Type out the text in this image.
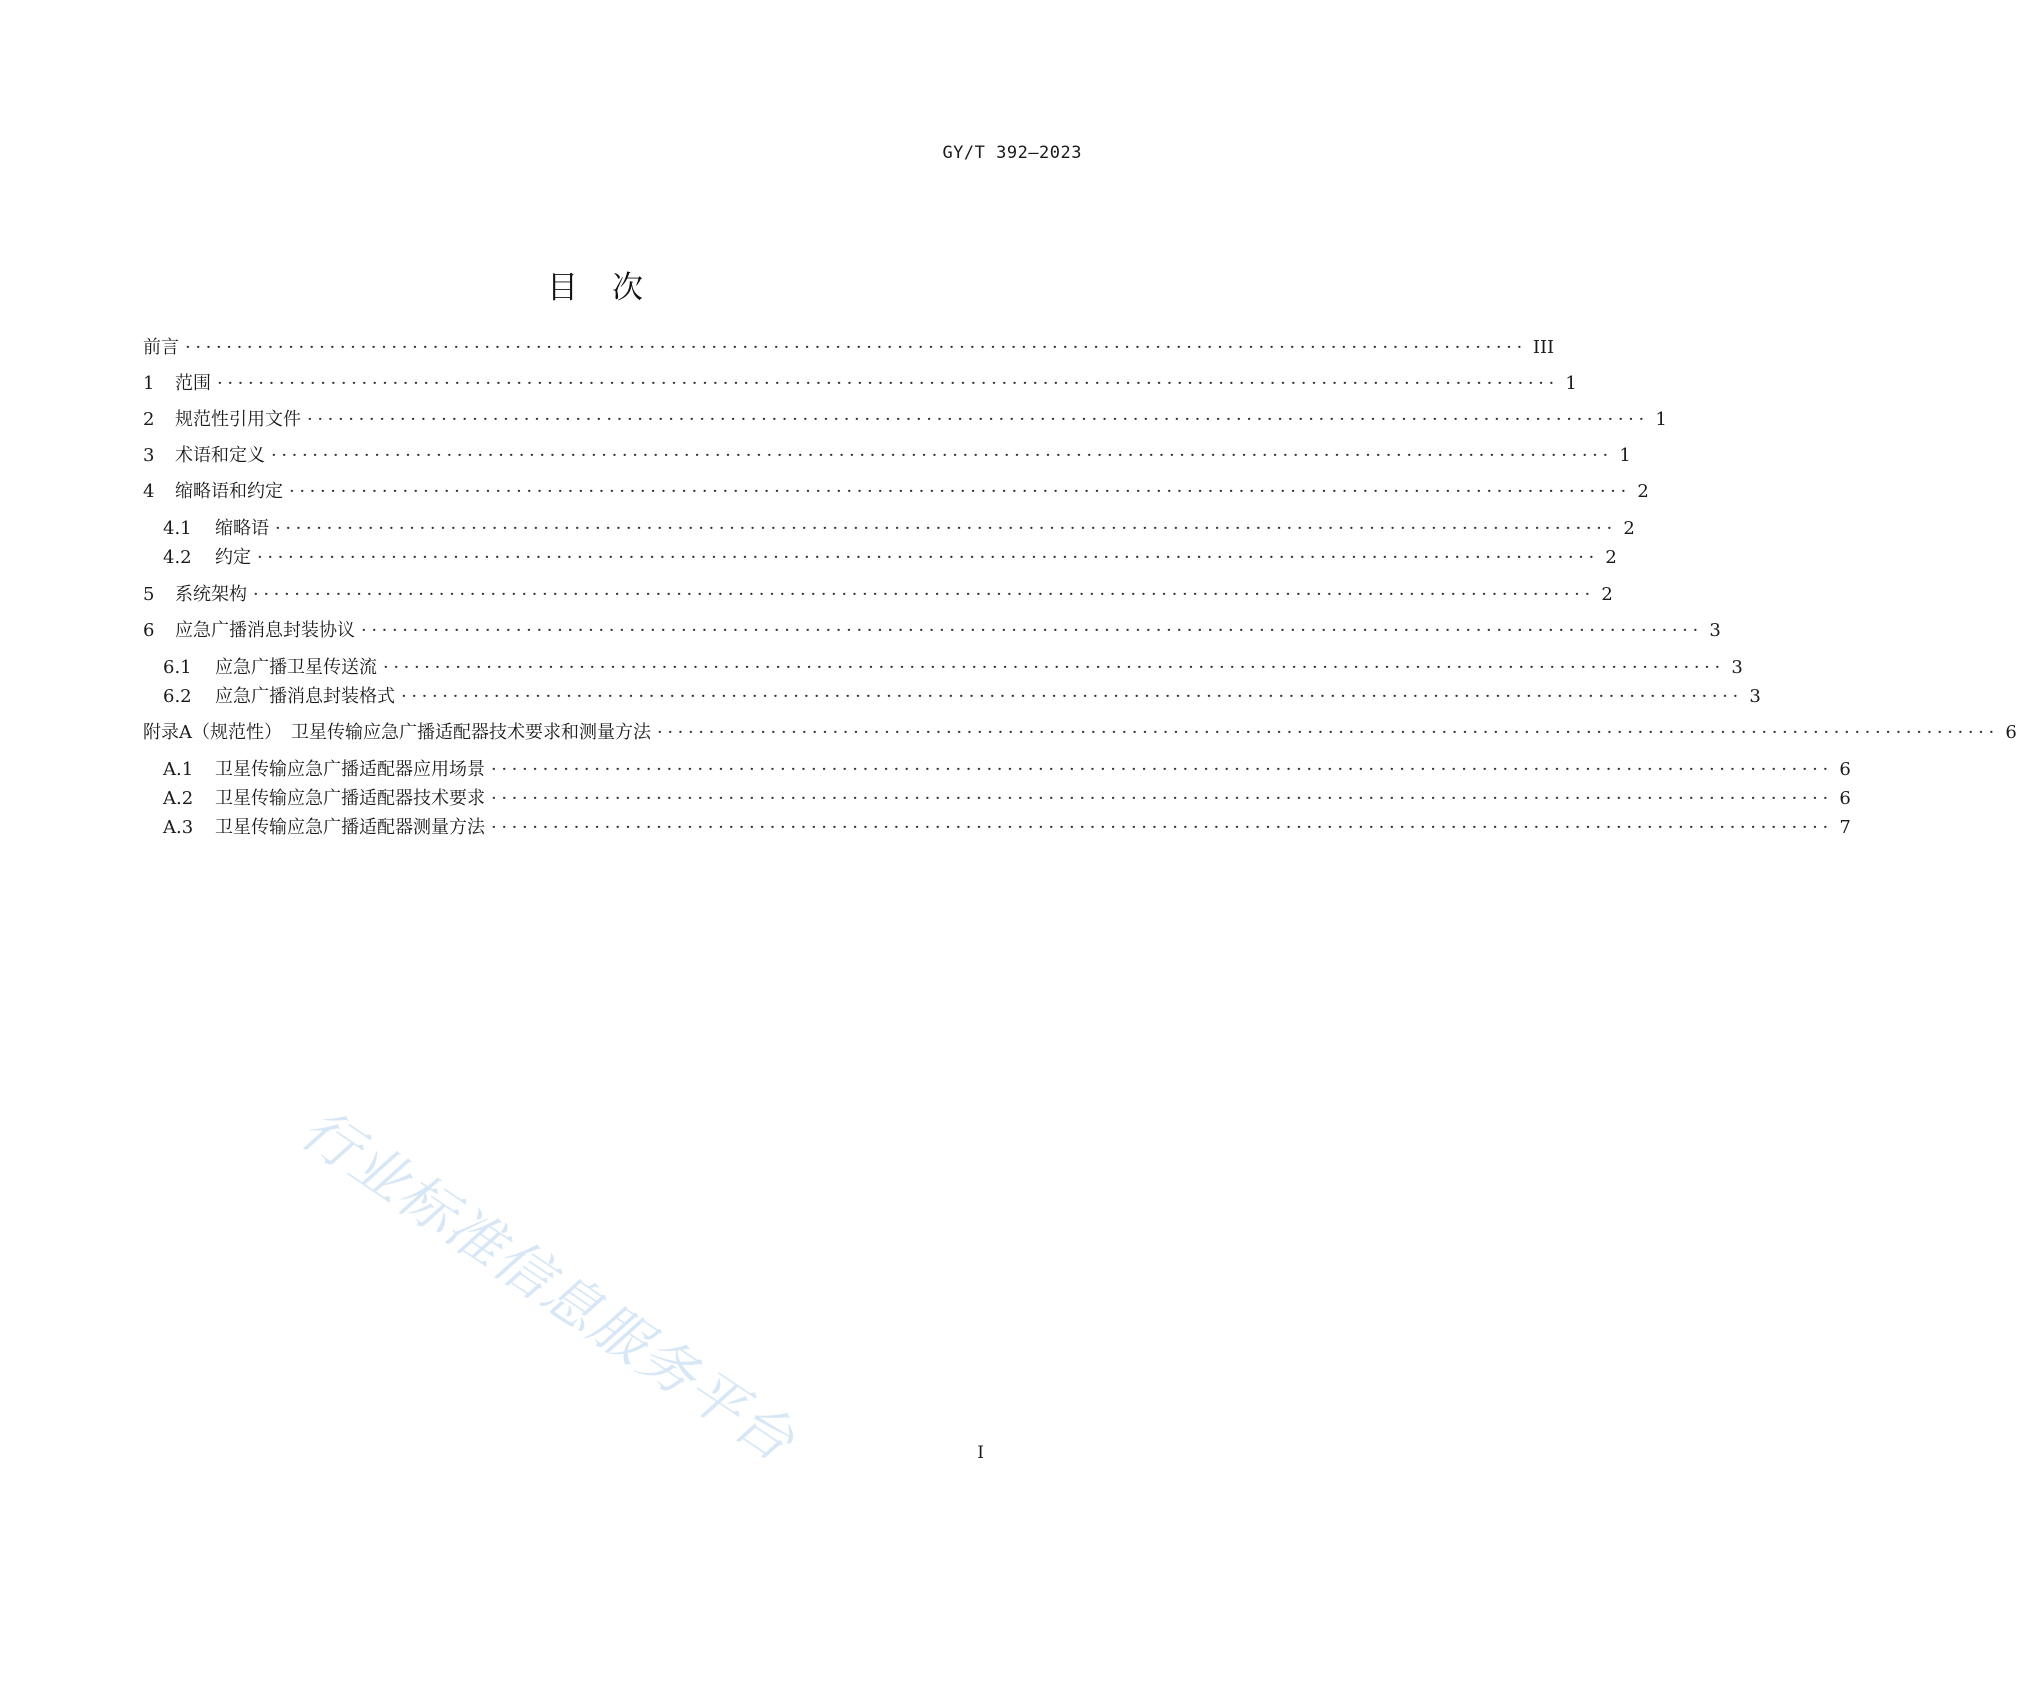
GY/T 392—2023
目次
前言 ·································································································································· III
1	范围 ·································································································································· 1
2	规范性引用文件 ·································································································································· 1
3	术语和定义 ·································································································································· 1
4	缩略语和约定 ·································································································································· 2
4.1	缩略语 ·································································································································· 2
4.2	约定 ·································································································································· 2
5	系统架构 ·································································································································· 2
6	应急广播消息封装协议 ·································································································································· 3
6.1	应急广播卫星传送流 ·································································································································· 3
6.2	应急广播消息封装格式 ·································································································································· 3
附录A（规范性）　卫星传输应急广播适配器技术要求和测量方法 ·································································································································· 6
A.1	卫星传输应急广播适配器应用场景 ·································································································································· 6
A.2	卫星传输应急广播适配器技术要求 ·································································································································· 6
A.3	卫星传输应急广播适配器测量方法 ·································································································································· 7
行业标准信息服务平台	I
